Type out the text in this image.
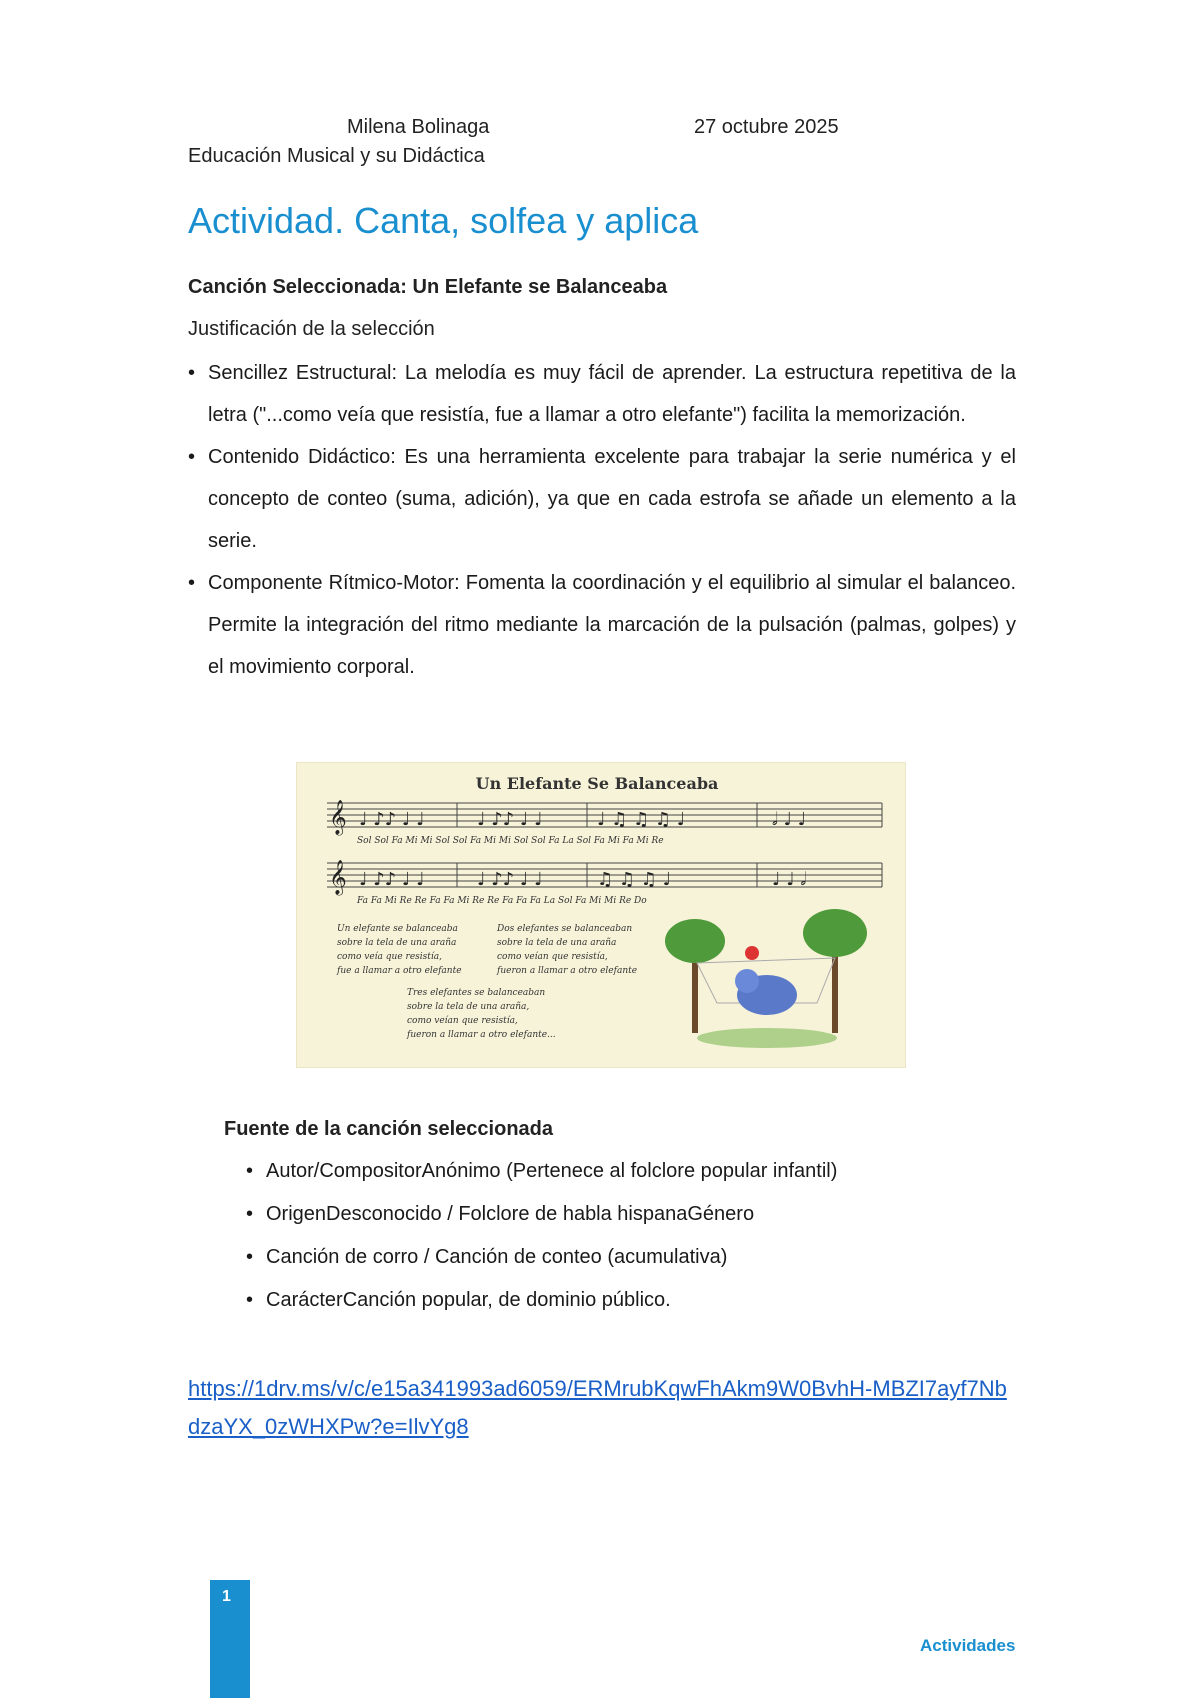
Milena Bolinaga	27 octubre 2025
Educación Musical y su Didáctica
Actividad. Canta, solfea y aplica
Canción Seleccionada: Un Elefante se Balanceaba
Justificación de la selección
• Sencillez Estructural: La melodía es muy fácil de aprender. La estructura repetitiva de la letra ("...como veía que resistía, fue a llamar a otro elefante") facilita la memorización.
• Contenido Didáctico: Es una herramienta excelente para trabajar la serie numérica y el concepto de conteo (suma, adición), ya que en cada estrofa se añade un elemento a la serie.
• Componente Rítmico-Motor: Fomenta la coordinación y el equilibrio al simular el balanceo. Permite la integración del ritmo mediante la marcación de la pulsación (palmas, golpes) y el movimiento corporal.
Un Elefante Se Balanceaba
𝄞
𝄞
♩ ♪♪ ♩ ♩	♩ ♪♪ ♩ ♩	♩ ♫ ♫ ♫ ♩	𝅗𝅥 ♩ ♩
♩ ♪♪ ♩ ♩	♩ ♪♪ ♩ ♩	♫ ♫ ♫ ♩	♩ ♩ 𝅗𝅥
Sol Sol Fa Mi Mi Sol Sol Fa Mi Mi Sol Sol Fa La Sol Fa Mi Fa Mi Re
Fa Fa Mi Re Re Fa Fa Mi Re Re Fa Fa Fa La Sol Fa Mi Mi Re Do
Un elefante se balanceaba
sobre la tela de una araña
como veía que resistía,
fue a llamar a otro elefante
Dos elefantes se balanceaban
sobre la tela de una araña
como veían que resistía,
fueron a llamar a otro elefante
Tres elefantes se balanceaban
sobre la tela de una araña,
como veían que resistía,
fueron a llamar a otro elefante...
Fuente de la canción seleccionada
• Autor/CompositorAnónimo (Pertenece al folclore popular infantil)
• OrigenDesconocido / Folclore de habla hispanaGénero
• Canción de corro / Canción de conteo (acumulativa)
• CarácterCanción popular, de dominio público.
https://1drv.ms/v/c/e15a341993ad6059/ERMrubKqwFhAkm9W0BvhH-MBZI7ayf7NbdzaYX_0zWHXPw?e=IlvYg8
1
Actividades
